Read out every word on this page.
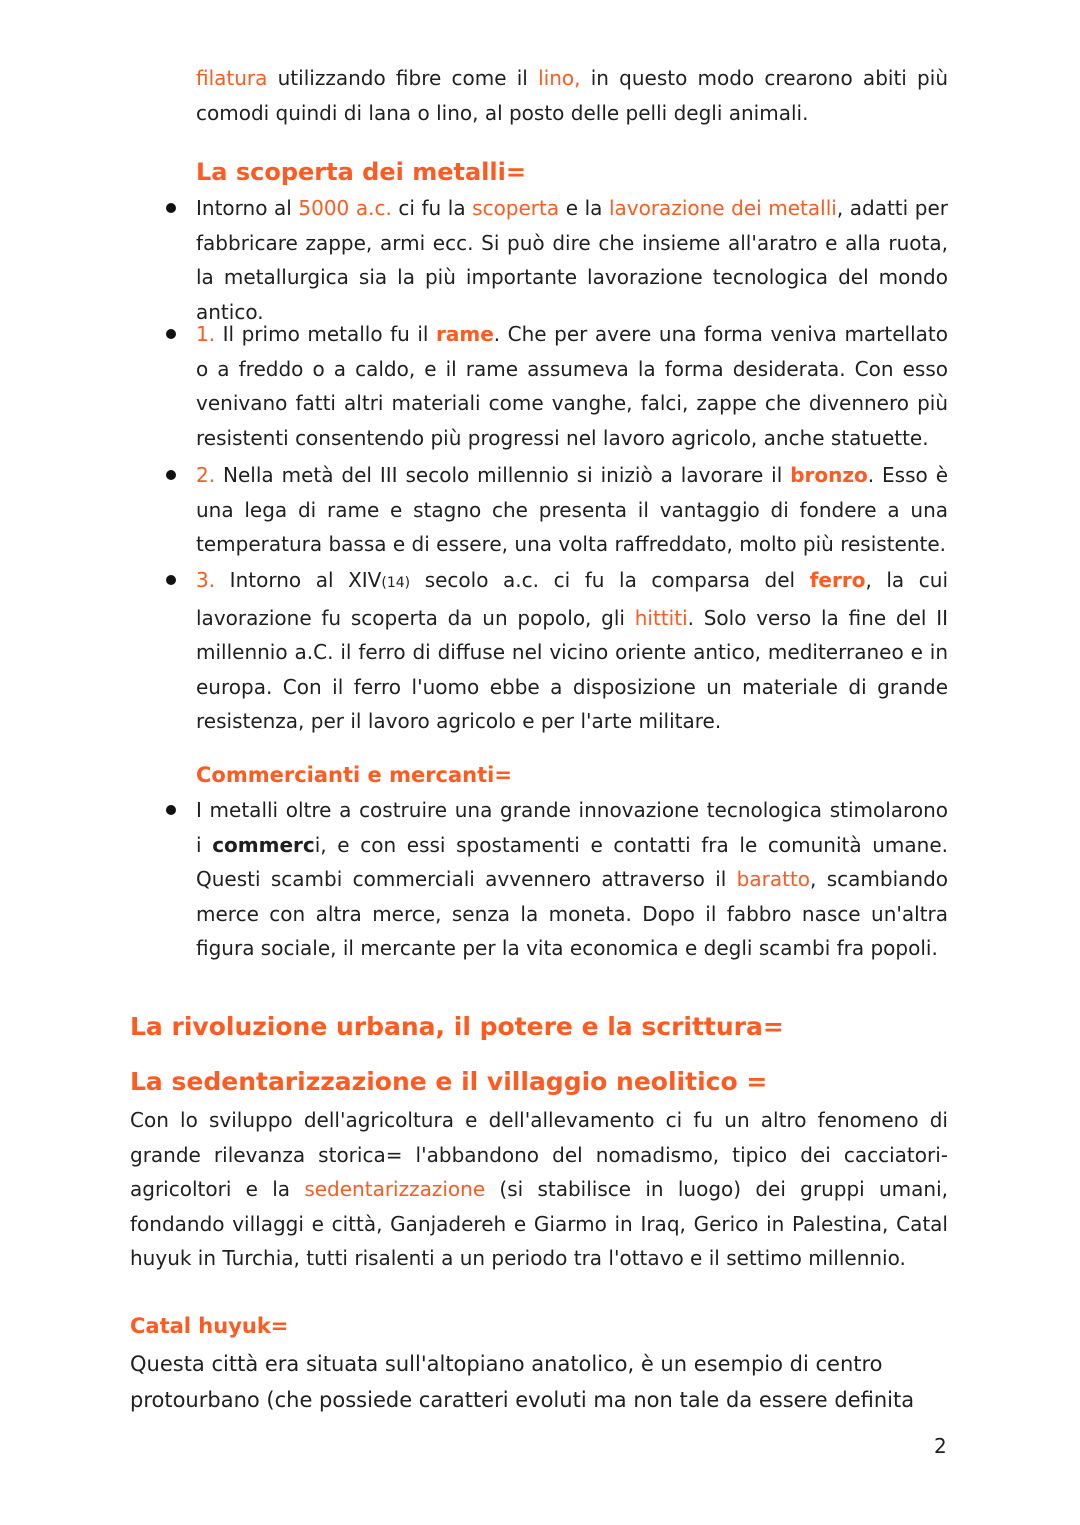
filatura utilizzando fibre come il lino, in questo modo crearono abiti più comodi quindi di lana o lino, al posto delle pelli degli animali.

La scoperta dei metalli=

Intorno al 5000 a.c. ci fu la scoperta e la lavorazione dei metalli, adatti per fabbricare zappe, armi ecc. Si può dire che insieme all'aratro e alla ruota, la metallurgica sia la più importante lavorazione tecnologica del mondo antico.

1. Il primo metallo fu il rame. Che per avere una forma veniva martellato o a freddo o a caldo, e il rame assumeva la forma desiderata. Con esso venivano fatti altri materiali come vanghe, falci, zappe che divennero più resistenti consentendo più progressi nel lavoro agricolo, anche statuette.

2. Nella metà del III secolo millennio si iniziò a lavorare il bronzo. Esso è una lega di rame e stagno che presenta il vantaggio di fondere a una temperatura bassa e di essere, una volta raffreddato, molto più resistente.

3. Intorno al XIV(14) secolo a.c. ci fu la comparsa del ferro, la cui lavorazione fu scoperta da un popolo, gli hittiti. Solo verso la fine del II millennio a.C. il ferro di diffuse nel vicino oriente antico, mediterraneo e in europa. Con il ferro l'uomo ebbe a disposizione un materiale di grande resistenza, per il lavoro agricolo e per l'arte militare.

Commercianti e mercanti=

I metalli oltre a costruire una grande innovazione tecnologica stimolarono i commerci, e con essi spostamenti e contatti fra le comunità umane. Questi scambi commerciali avvennero attraverso il baratto, scambiando merce con altra merce, senza la moneta. Dopo il fabbro nasce un'altra figura sociale, il mercante per la vita economica e degli scambi fra popoli.

La rivoluzione urbana, il potere e la scrittura=
La sedentarizzazione e il villaggio neolitico =

Con lo sviluppo dell'agricoltura e dell'allevamento ci fu un altro fenomeno di grande rilevanza storica= l'abbandono del nomadismo, tipico dei cacciatori-agricoltori e la sedentarizzazione (si stabilisce in luogo) dei gruppi umani, fondando villaggi e città, Ganjadereh e Giarmo in Iraq, Gerico in Palestina, Catal huyuk in Turchia, tutti risalenti a un periodo tra l'ottavo e il settimo millennio.

Catal huyuk=

Questa città era situata sull'altopiano anatolico, è un esempio di centro
protourbano (che possiede caratteri evoluti ma non tale da essere definita

2
